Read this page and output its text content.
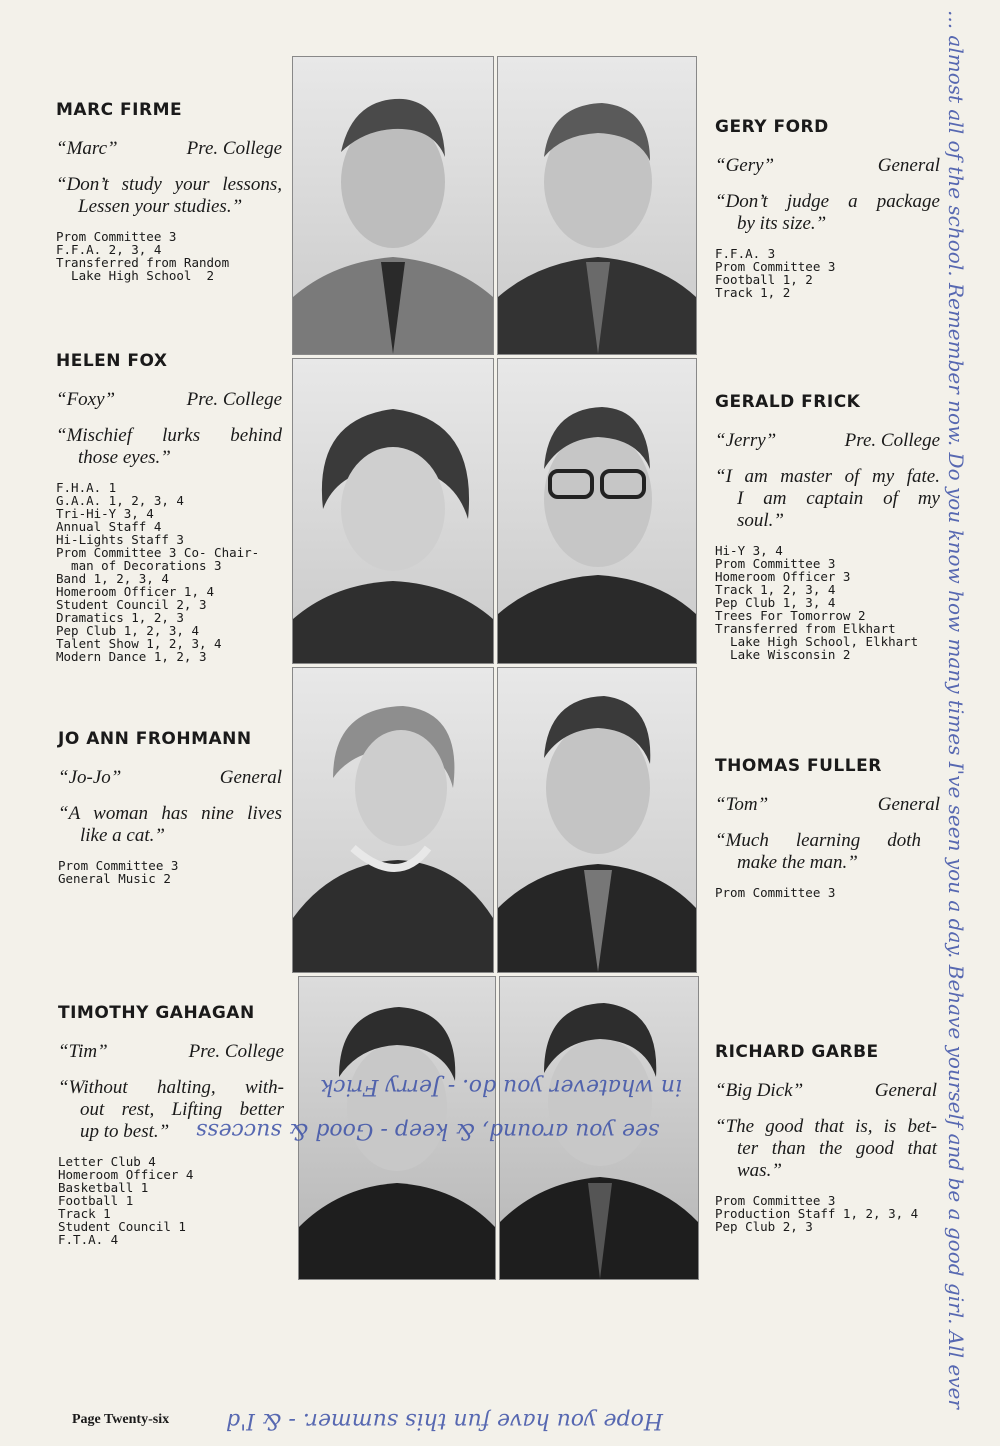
MARC FIRME
“Marc”	Pre. College
“Don’t study your lessons,
Lessen your studies.”
Prom Committee 3
F.F.A. 2, 3, 4
Transferred from Random
Lake High School  2
GERY FORD
“Gery”	General
“Don’t judge a package
by its size.”
F.F.A. 3
Prom Committee 3
Football 1, 2
Track 1, 2
HELEN FOX
“Foxy”	Pre. College
“Mischief lurks behind
those eyes.”
F.H.A. 1
G.A.A. 1, 2, 3, 4
Tri-Hi-Y 3, 4
Annual Staff 4
Hi-Lights Staff 3
Prom Committee 3 Co- Chair-
man of Decorations 3
Band 1, 2, 3, 4
Homeroom Officer 1, 4
Student Council 2, 3
Dramatics 1, 2, 3
Pep Club 1, 2, 3, 4
Talent Show 1, 2, 3, 4
Modern Dance 1, 2, 3
GERALD FRICK
“Jerry”	Pre. College
“I am master of my fate.
I am captain of my
soul.”
Hi-Y 3, 4
Prom Committee 3
Homeroom Officer 3
Track 1, 2, 3, 4
Pep Club 1, 3, 4
Trees For Tomorrow 2
Transferred from Elkhart
Lake High School, Elkhart
Lake Wisconsin 2
JO ANN FROHMANN
“Jo-Jo”	General
“A woman has nine lives
like a cat.”
Prom Committee 3
General Music 2
THOMAS FULLER
“Tom”	General
“Much learning doth
make the man.”
Prom Committee 3
TIMOTHY GAHAGAN
“Tim”	Pre. College
“Without halting, with-
out rest, Lifting better
up to best.”
Letter Club 4
Homeroom Officer 4
Basketball 1
Football 1
Track 1
Student Council 1
F.T.A. 4
RICHARD GARBE
“Big Dick”	General
“The good that is, is bet-
ter than the good that
was.”
Prom Committee 3
Production Staff 1, 2, 3, 4
Pep Club 2, 3
Page Twenty-six
in whatever you do. - Jerry Frick
see you around, & keep - Good & success
Hope you have fun this summer. - & I'd
... almost all of the school. Remember now. Do you know how many times I've seen you a day. Behave yourself and be a good girl. All ever
